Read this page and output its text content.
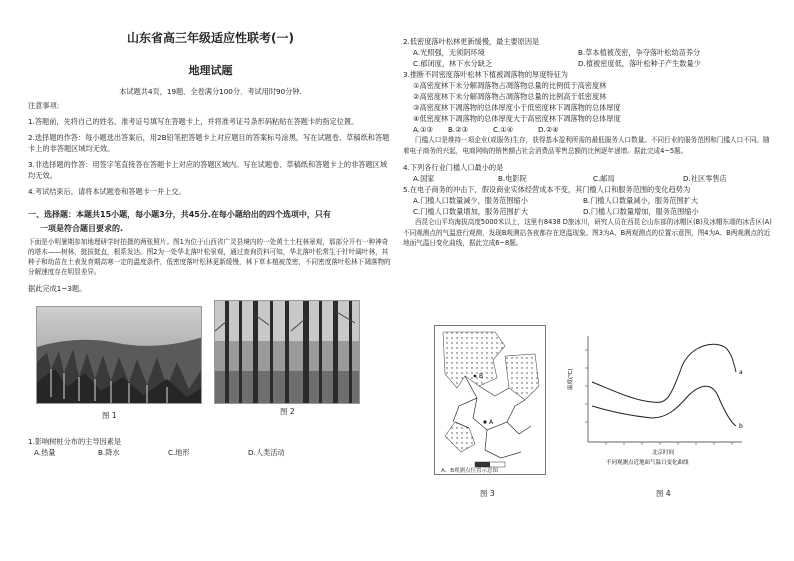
山东省高三年级适应性联考(一)
地理试题
本试题共4页，19题．全卷满分100分．考试用时90分钟.
注意事项:
1.答题前，先将自己的姓名、准考证号填写在答题卡上，并将准考证号条形码粘贴在答题卡的指定位置。
2.选择题的作答：每小题选出答案后，用2B铅笔把答题卡上对应题目的答案标号涂黑，写在试题卷、草稿纸和答题卡上的非答题区域均无效。
3.非选择题的作答：用签字笔直接答在答题卡上对应的答题区域内。写在试题卷、草稿纸和答题卡上的非答题区域均无效。
4.考试结束后，请将本试题卷和答题卡一并上交。
一、选择题：本题共15小题，每小题3分，共45分.在每小题给出的四个选项中，只有
一项是符合题目要求的.
下面是小明暑期参加地理研学时拍摄的两张照片。图1为位于山西省广灵县境内的一处黄土土柱林景观，那部分开有一种神奇的塔木——树林，挺拔挺直，根系发达。图2为一处华北落叶松景观，通过查询资料可知，华北落叶松常生于针叶阔叶林，其种子和幼苗在土表发育期高寒一定的温度条件，低密度落叶松林更新缓慢，林下草本植被茂密，不同密度落叶松林下凋落物的分解速度存在明显差异。
据此完成1~3题。
图 1	图 2
1.影响树桩分布的主导因素是
A.热量	B.降水	C.地形	D.人类活动
2.低密度落叶松林更新缓慢，最主要原因是
A.光照强，无须阴环境	B.草本植被茂密，争夺落叶松幼苗养分
C.郁闭度，林下水分缺乏	D.植被密度低，落叶松种子产生数量少
3.推断不同密度落叶松林下植被凋落物的厚度特征为
①高密度林下未分解凋落物占凋落物总量的比例低于高密度林
②高密度林下未分解凋落物占凋落物总量的比例高于低密度林
③高密度林下凋落物的总体厚度小于低密度林下凋落物的总体厚度
④低密度林下凋落物的总体厚度大于高密度林下凋落物的总体厚度
A.①③	B.②③	C.①④	D.②④
门槛人口是维持一项企业(或服务)生存，获得基本盈利所需的最低服务人口数量。不同行业的服务范围和门槛人口不同。随着电子商务的兴起，电商网购的销售额占社会消费品零售总额的比例逐年递增。据此完成4~5题。
4.下列各行业门槛人口最小的是
A.国家	B.电影院	C.邮局	D.社区零售店
5.在电子商务的冲击下，假设商业实体经营成本不变，其门槛人口和服务范围的变化趋势为
A.门槛人口数量减少，服务范围缩小	B.门槛人口数量减小，服务范围扩大
C.门槛人口数量增加，服务范围扩大	D.门槛人口数量增加，服务范围缩小
西昆仑山平均海拔高度5000米以上，这里有8438 D旅冰川，研究人员在西昆仑山东部的冰帽区(B)及冰帽东端的冰舌区(A)不同观测点的气温进行观测，发现B观测站各夜都存在逆温现象。图3为A、B两观测点的位置示意图，图4为A、B两观测点的近地面气温日变化曲线，据此完成6~8题。
A
B
A、B观测点位置示意图
图 3
a
b
温度(℃)
北京时间
不同观测点近地面气温日变化曲线
图 4
